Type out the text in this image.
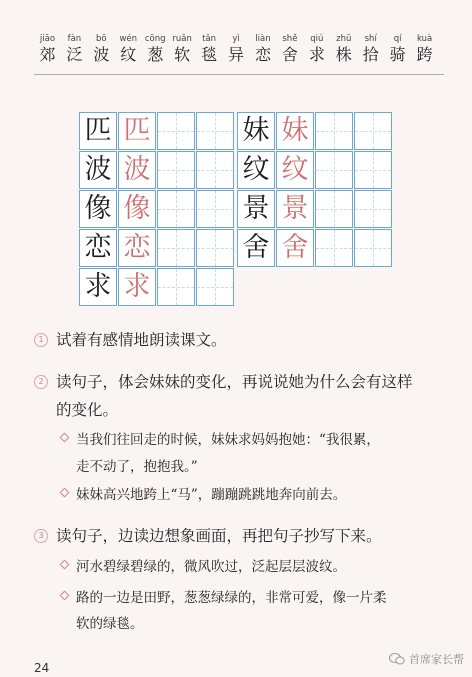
jiāo
郊
fàn
泛
bō
波
wén
纹
cōng
葱
ruǎn
软
tǎn
毯
yì
异
liàn
恋
shě
舍
qiú
求
zhū
株
shí
拾
qí
骑
kuà
跨
匹 匹
波 波
像 像
恋 恋
求 求
妹 妹
纹 纹
景 景
舍 舍
1 试着有感情地朗读课文。
2 读句子，体会妹妹的变化，再说说她为什么会有这样
的变化。
当我们往回走的时候，妹妹求妈妈抱她：“我很累，
走不动了，抱抱我。”
妹妹高兴地跨上“马”，蹦蹦跳跳地奔向前去。
3 读句子，边读边想象画面，再把句子抄写下来。
河水碧绿碧绿的，微风吹过，泛起层层波纹。
路的一边是田野，葱葱绿绿的，非常可爱，像一片柔
软的绿毯。
24
首席家长帮
